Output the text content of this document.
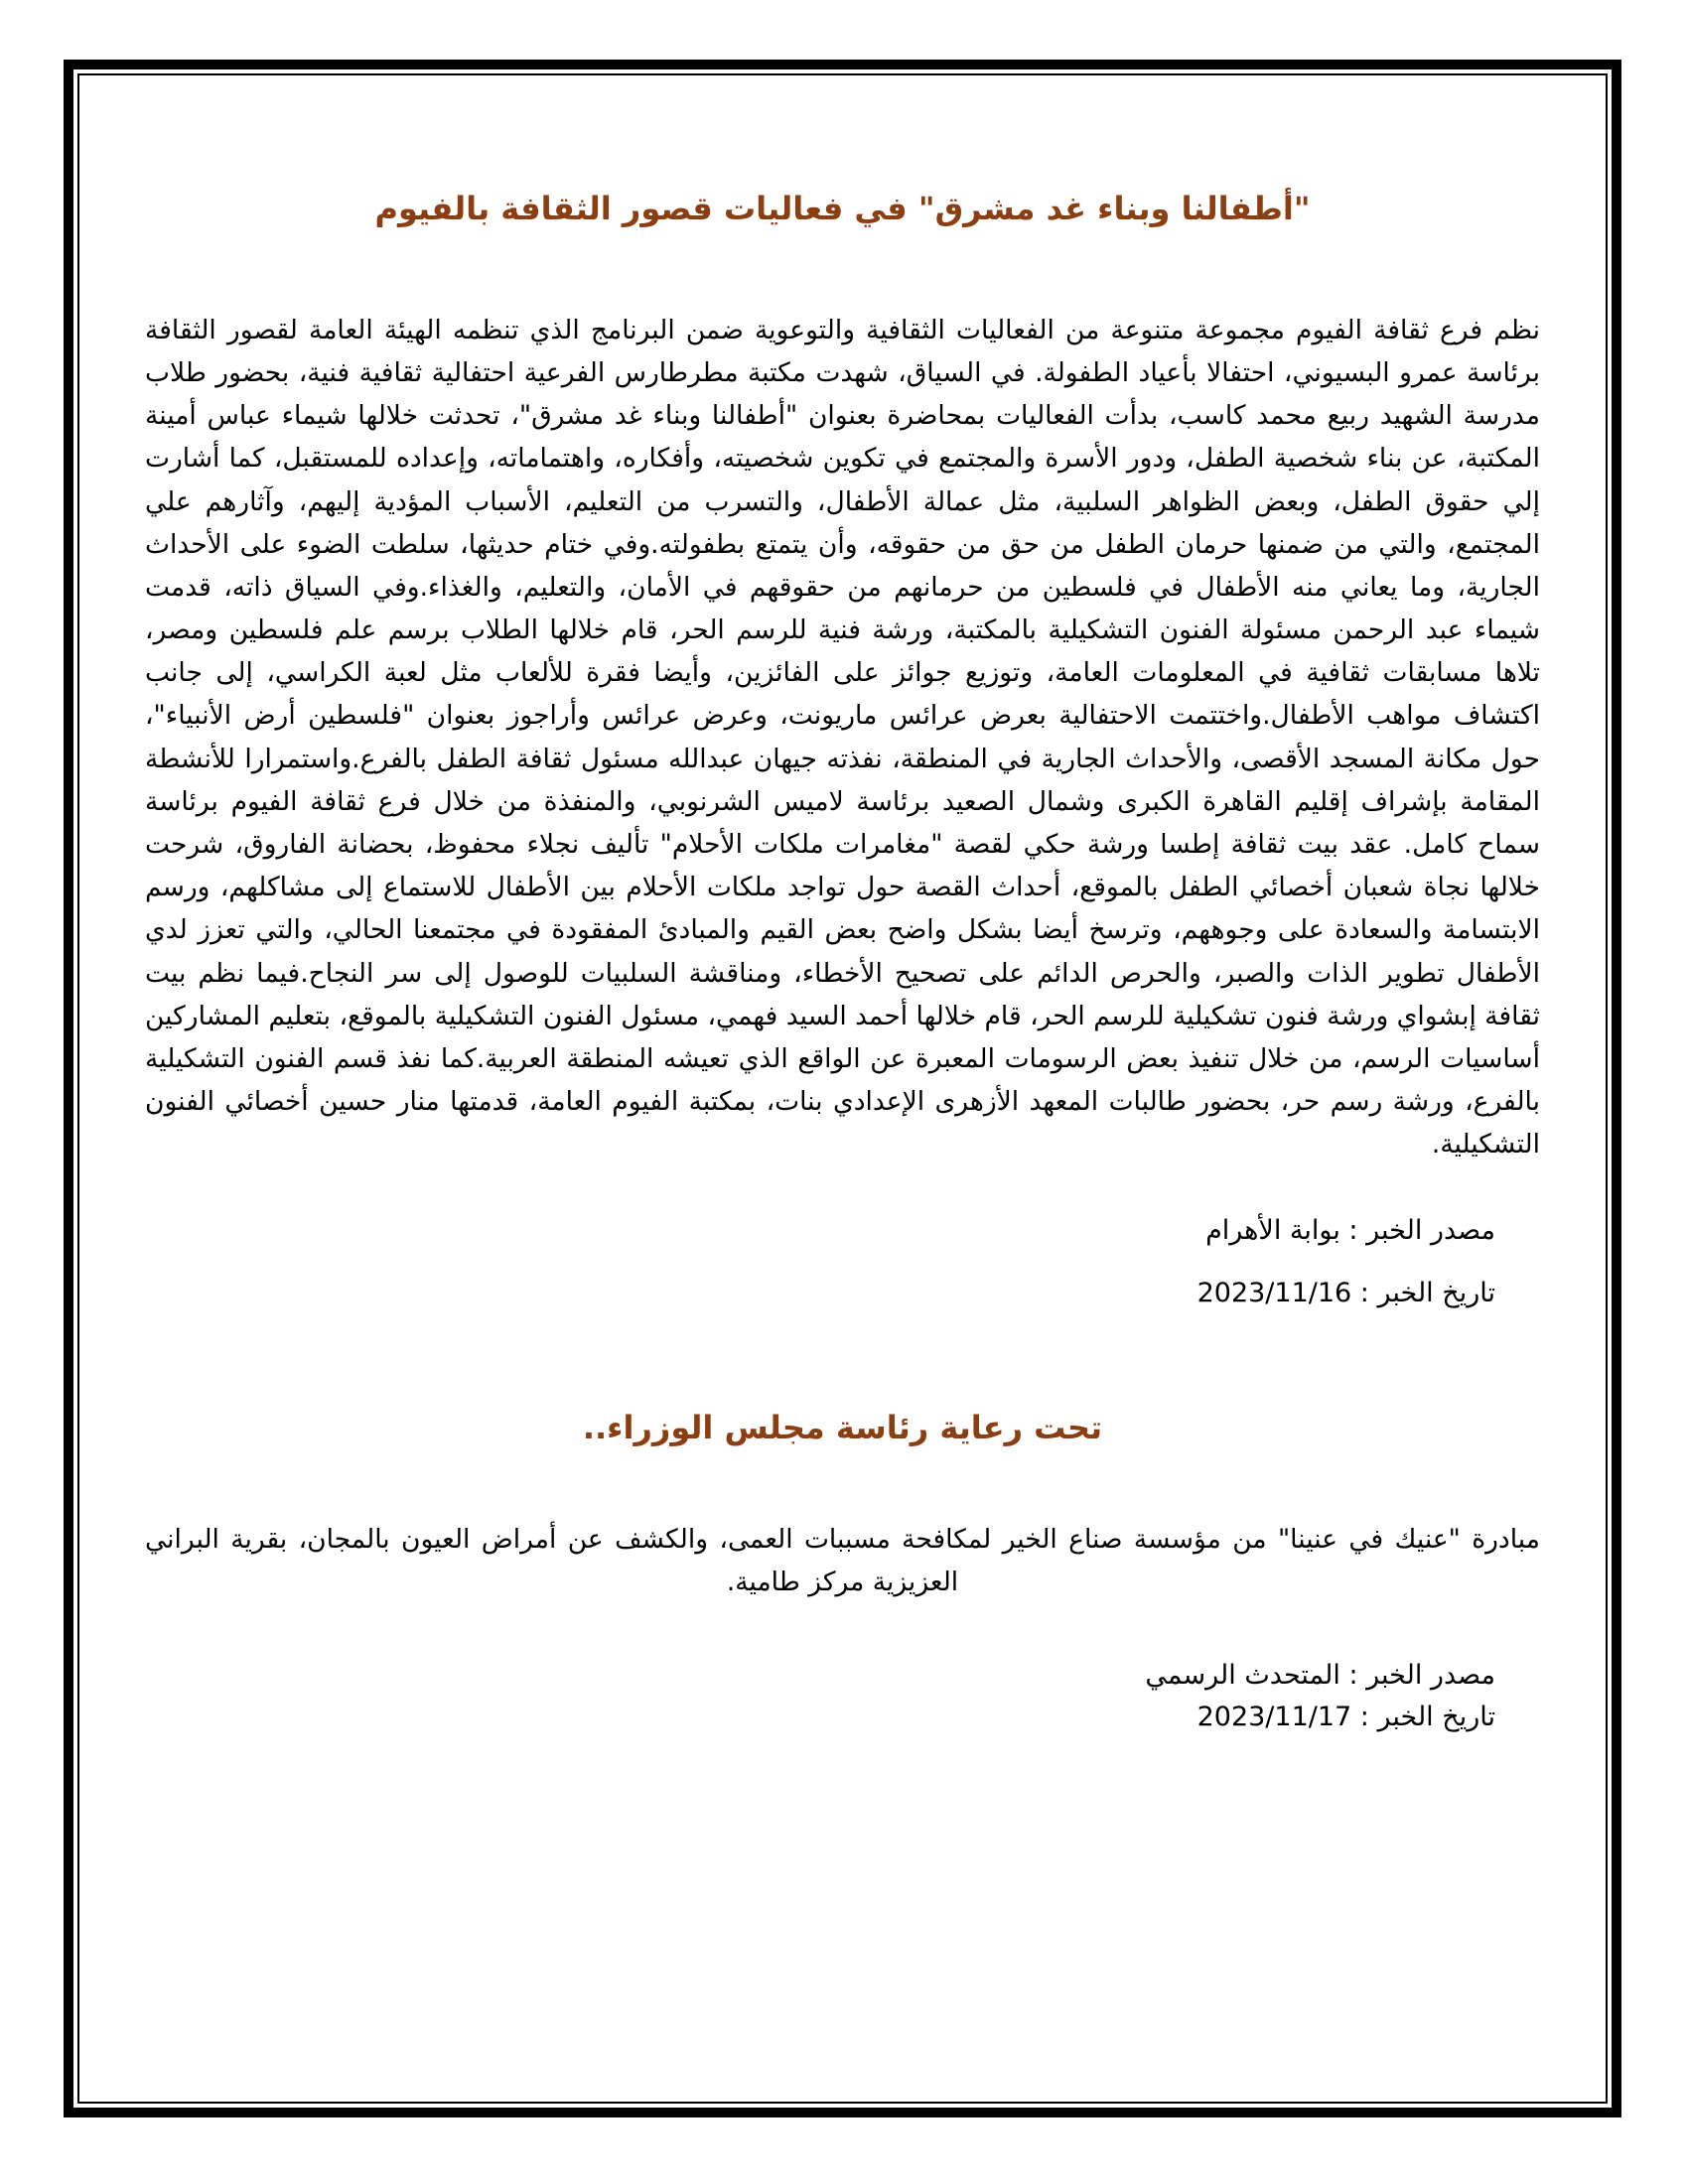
"أطفالنا وبناء غد مشرق" في فعاليات قصور الثقافة بالفيوم

نظم فرع ثقافة الفيوم مجموعة متنوعة من الفعاليات الثقافية والتوعوية ضمن البرنامج الذي تنظمه الهيئة العامة لقصور الثقافة برئاسة عمرو البسيوني، احتفالا بأعياد الطفولة. في السياق، شهدت مكتبة مطرطارس الفرعية احتفالية ثقافية فنية، بحضور طلاب مدرسة الشهيد ربيع محمد كاسب، بدأت الفعاليات بمحاضرة بعنوان "أطفالنا وبناء غد مشرق"، تحدثت خلالها شيماء عباس أمينة المكتبة، عن بناء شخصية الطفل، ودور الأسرة والمجتمع في تكوين شخصيته، وأفكاره، واهتماماته، وإعداده للمستقبل، كما أشارت إلي حقوق الطفل، وبعض الظواهر السلبية، مثل عمالة الأطفال، والتسرب من التعليم، الأسباب المؤدية إليهم، وآثارهم علي المجتمع، والتي من ضمنها حرمان الطفل من حق من حقوقه، وأن يتمتع بطفولته.وفي ختام حديثها، سلطت الضوء على الأحداث الجارية، وما يعاني منه الأطفال في فلسطين من حرمانهم من حقوقهم في الأمان، والتعليم، والغذاء.وفي السياق ذاته، قدمت شيماء عبد الرحمن مسئولة الفنون التشكيلية بالمكتبة، ورشة فنية للرسم الحر، قام خلالها الطلاب برسم علم فلسطين ومصر، تلاها مسابقات ثقافية في المعلومات العامة، وتوزيع جوائز على الفائزين، وأيضا فقرة للألعاب مثل لعبة الكراسي، إلى جانب اكتشاف مواهب الأطفال.واختتمت الاحتفالية بعرض عرائس ماريونت، وعرض عرائس وأراجوز بعنوان "فلسطين أرض الأنبياء"، حول مكانة المسجد الأقصى، والأحداث الجارية في المنطقة، نفذته جيهان عبدالله مسئول ثقافة الطفل بالفرع.واستمرارا للأنشطة المقامة بإشراف إقليم القاهرة الكبرى وشمال الصعيد برئاسة لاميس الشرنوبي، والمنفذة من خلال فرع ثقافة الفيوم برئاسة سماح كامل. عقد بيت ثقافة إطسا ورشة حكي لقصة "مغامرات ملكات الأحلام" تأليف نجلاء محفوظ، بحضانة الفاروق، شرحت خلالها نجاة شعبان أخصائي الطفل بالموقع، أحداث القصة حول تواجد ملكات الأحلام بين الأطفال للاستماع إلى مشاكلهم، ورسم الابتسامة والسعادة على وجوههم، وترسخ أيضا بشكل واضح بعض القيم والمبادئ المفقودة في مجتمعنا الحالي، والتي تعزز لدي الأطفال تطوير الذات والصبر، والحرص الدائم على تصحيح الأخطاء، ومناقشة السلبيات للوصول إلى سر النجاح.فيما نظم بيت ثقافة إبشواي ورشة فنون تشكيلية للرسم الحر، قام خلالها أحمد السيد فهمي، مسئول الفنون التشكيلية بالموقع، بتعليم المشاركين أساسيات الرسم، من خلال تنفيذ بعض الرسومات المعبرة عن الواقع الذي تعيشه المنطقة العربية.كما نفذ قسم الفنون التشكيلية بالفرع، ورشة رسم حر، بحضور طالبات المعهد الأزهرى الإعدادي بنات، بمكتبة الفيوم العامة، قدمتها منار حسين أخصائي الفنون التشكيلية.

مصدر الخبر : بوابة الأهرام
تاريخ الخبر : 2023/11/16
تحت رعاية رئاسة مجلس الوزراء..

مبادرة "عنيك في عنينا" من مؤسسة صناع الخير لمكافحة مسببات العمى، والكشف عن أمراض العيون بالمجان، بقرية البراني العزيزية مركز طامية.

مصدر الخبر : المتحدث الرسمي
تاريخ الخبر : 2023/11/17
